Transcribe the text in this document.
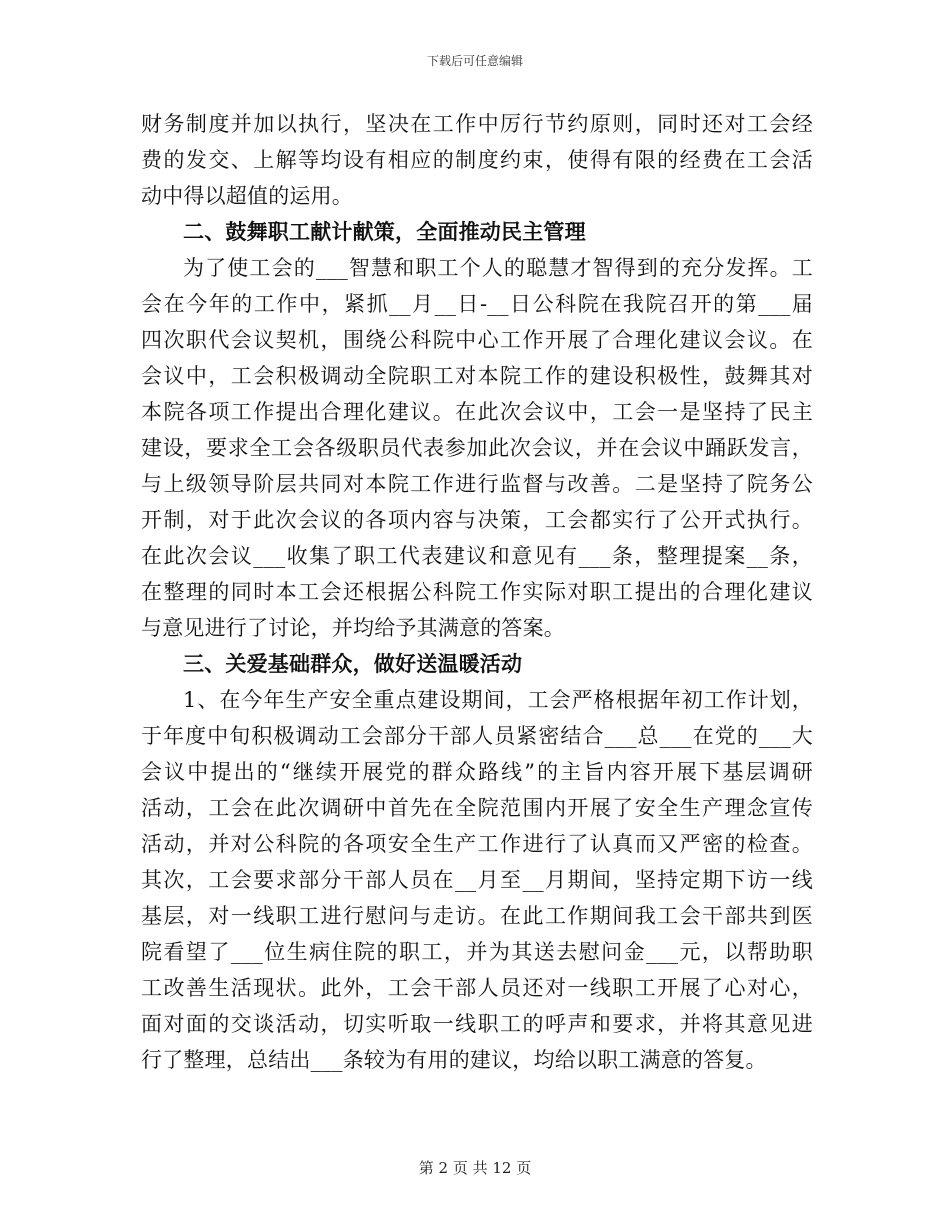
下载后可任意编辑
财务制度并加以执行，坚决在工作中厉行节约原则，同时还对工会经
费的发交、上解等均设有相应的制度约束，使得有限的经费在工会活
动中得以超值的运用。
二、鼓舞职工献计献策，全面推动民主管理
为了使工会的___智慧和职工个人的聪慧才智得到的充分发挥。工
会在今年的工作中，紧抓__月__日-__日公科院在我院召开的第___届
四次职代会议契机，围绕公科院中心工作开展了合理化建议会议。在
会议中，工会积极调动全院职工对本院工作的建设积极性，鼓舞其对
本院各项工作提出合理化建议。在此次会议中，工会一是坚持了民主
建设，要求全工会各级职员代表参加此次会议，并在会议中踊跃发言，
与上级领导阶层共同对本院工作进行监督与改善。二是坚持了院务公
开制，对于此次会议的各项内容与决策，工会都实行了公开式执行。
在此次会议___收集了职工代表建议和意见有___条，整理提案__条，
在整理的同时本工会还根据公科院工作实际对职工提出的合理化建议
与意见进行了讨论，并均给予其满意的答案。
三、关爱基础群众，做好送温暖活动
1、在今年生产安全重点建设期间，工会严格根据年初工作计划，
于年度中旬积极调动工会部分干部人员紧密结合___总___在党的___大
会议中提出的“继续开展党的群众路线”的主旨内容开展下基层调研
活动，工会在此次调研中首先在全院范围内开展了安全生产理念宣传
活动，并对公科院的各项安全生产工作进行了认真而又严密的检查。
其次，工会要求部分干部人员在__月至__月期间，坚持定期下访一线
基层，对一线职工进行慰问与走访。在此工作期间我工会干部共到医
院看望了___位生病住院的职工，并为其送去慰问金___元，以帮助职
工改善生活现状。此外，工会干部人员还对一线职工开展了心对心，
面对面的交谈活动，切实听取一线职工的呼声和要求，并将其意见进
行了整理，总结出___条较为有用的建议，均给以职工满意的答复。
第 2 页 共 12 页
